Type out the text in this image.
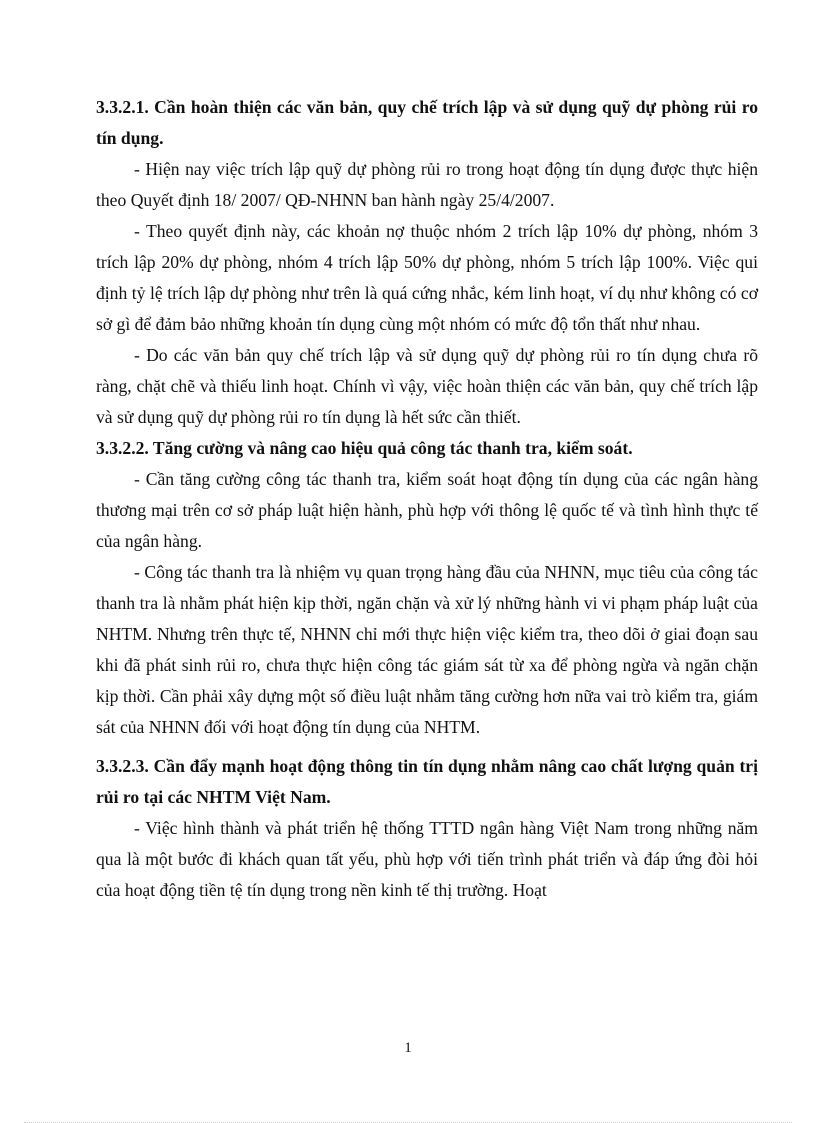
3.3.2.1. Cần hoàn thiện các văn bản, quy chế trích lập và sử dụng quỹ dự phòng rủi ro tín dụng.

- Hiện nay việc trích lập quỹ dự phòng rủi ro trong hoạt động tín dụng được thực hiện theo Quyết định 18/ 2007/ QĐ-NHNN ban hành ngày 25/4/2007.

- Theo quyết định này, các khoản nợ thuộc nhóm 2 trích lập 10% dự phòng, nhóm 3 trích lập 20% dự phòng, nhóm 4 trích lập 50% dự phòng, nhóm 5 trích lập 100%. Việc qui định tỷ lệ trích lập dự phòng như trên là quá cứng nhắc, kém linh hoạt, ví dụ như không có cơ sở gì để đảm bảo những khoản tín dụng cùng một nhóm có mức độ tổn thất như nhau.

- Do các văn bản quy chế trích lập và sử dụng quỹ dự phòng rủi ro tín dụng chưa rõ ràng, chặt chẽ và thiếu linh hoạt. Chính vì vậy, việc hoàn thiện các văn bản, quy chế trích lập và sử dụng quỹ dự phòng rủi ro tín dụng là hết sức cần thiết.

3.3.2.2. Tăng cường và nâng cao hiệu quả công tác thanh tra, kiểm soát.

- Cần tăng cường công tác thanh tra, kiểm soát hoạt động tín dụng của các ngân hàng thương mại trên cơ sở pháp luật hiện hành, phù hợp với thông lệ quốc tế và tình hình thực tế của ngân hàng.

- Công tác thanh tra là nhiệm vụ quan trọng hàng đầu của NHNN, mục tiêu của công tác thanh tra là nhằm phát hiện kịp thời, ngăn chặn và xử lý những hành vi vi phạm pháp luật của NHTM. Nhưng trên thực tế, NHNN chỉ mới thực hiện việc kiểm tra, theo dõi ở giai đoạn sau khi đã phát sinh rủi ro, chưa thực hiện công tác giám sát từ xa để phòng ngừa và ngăn chặn kịp thời. Cần phải xây dựng một số điều luật nhằm tăng cường hơn nữa vai trò kiểm tra, giám sát của NHNN đối với hoạt động tín dụng của NHTM.

3.3.2.3. Cần đẩy mạnh hoạt động thông tin tín dụng nhằm nâng cao chất lượng quản trị rủi ro tại các NHTM Việt Nam.

- Việc hình thành và phát triển hệ thống TTTD ngân hàng Việt Nam trong những năm qua là một bước đi khách quan tất yếu, phù hợp với tiến trình phát triển và đáp ứng đòi hỏi của hoạt động tiền tệ tín dụng trong nền kinh tế thị trường. Hoạt

1
